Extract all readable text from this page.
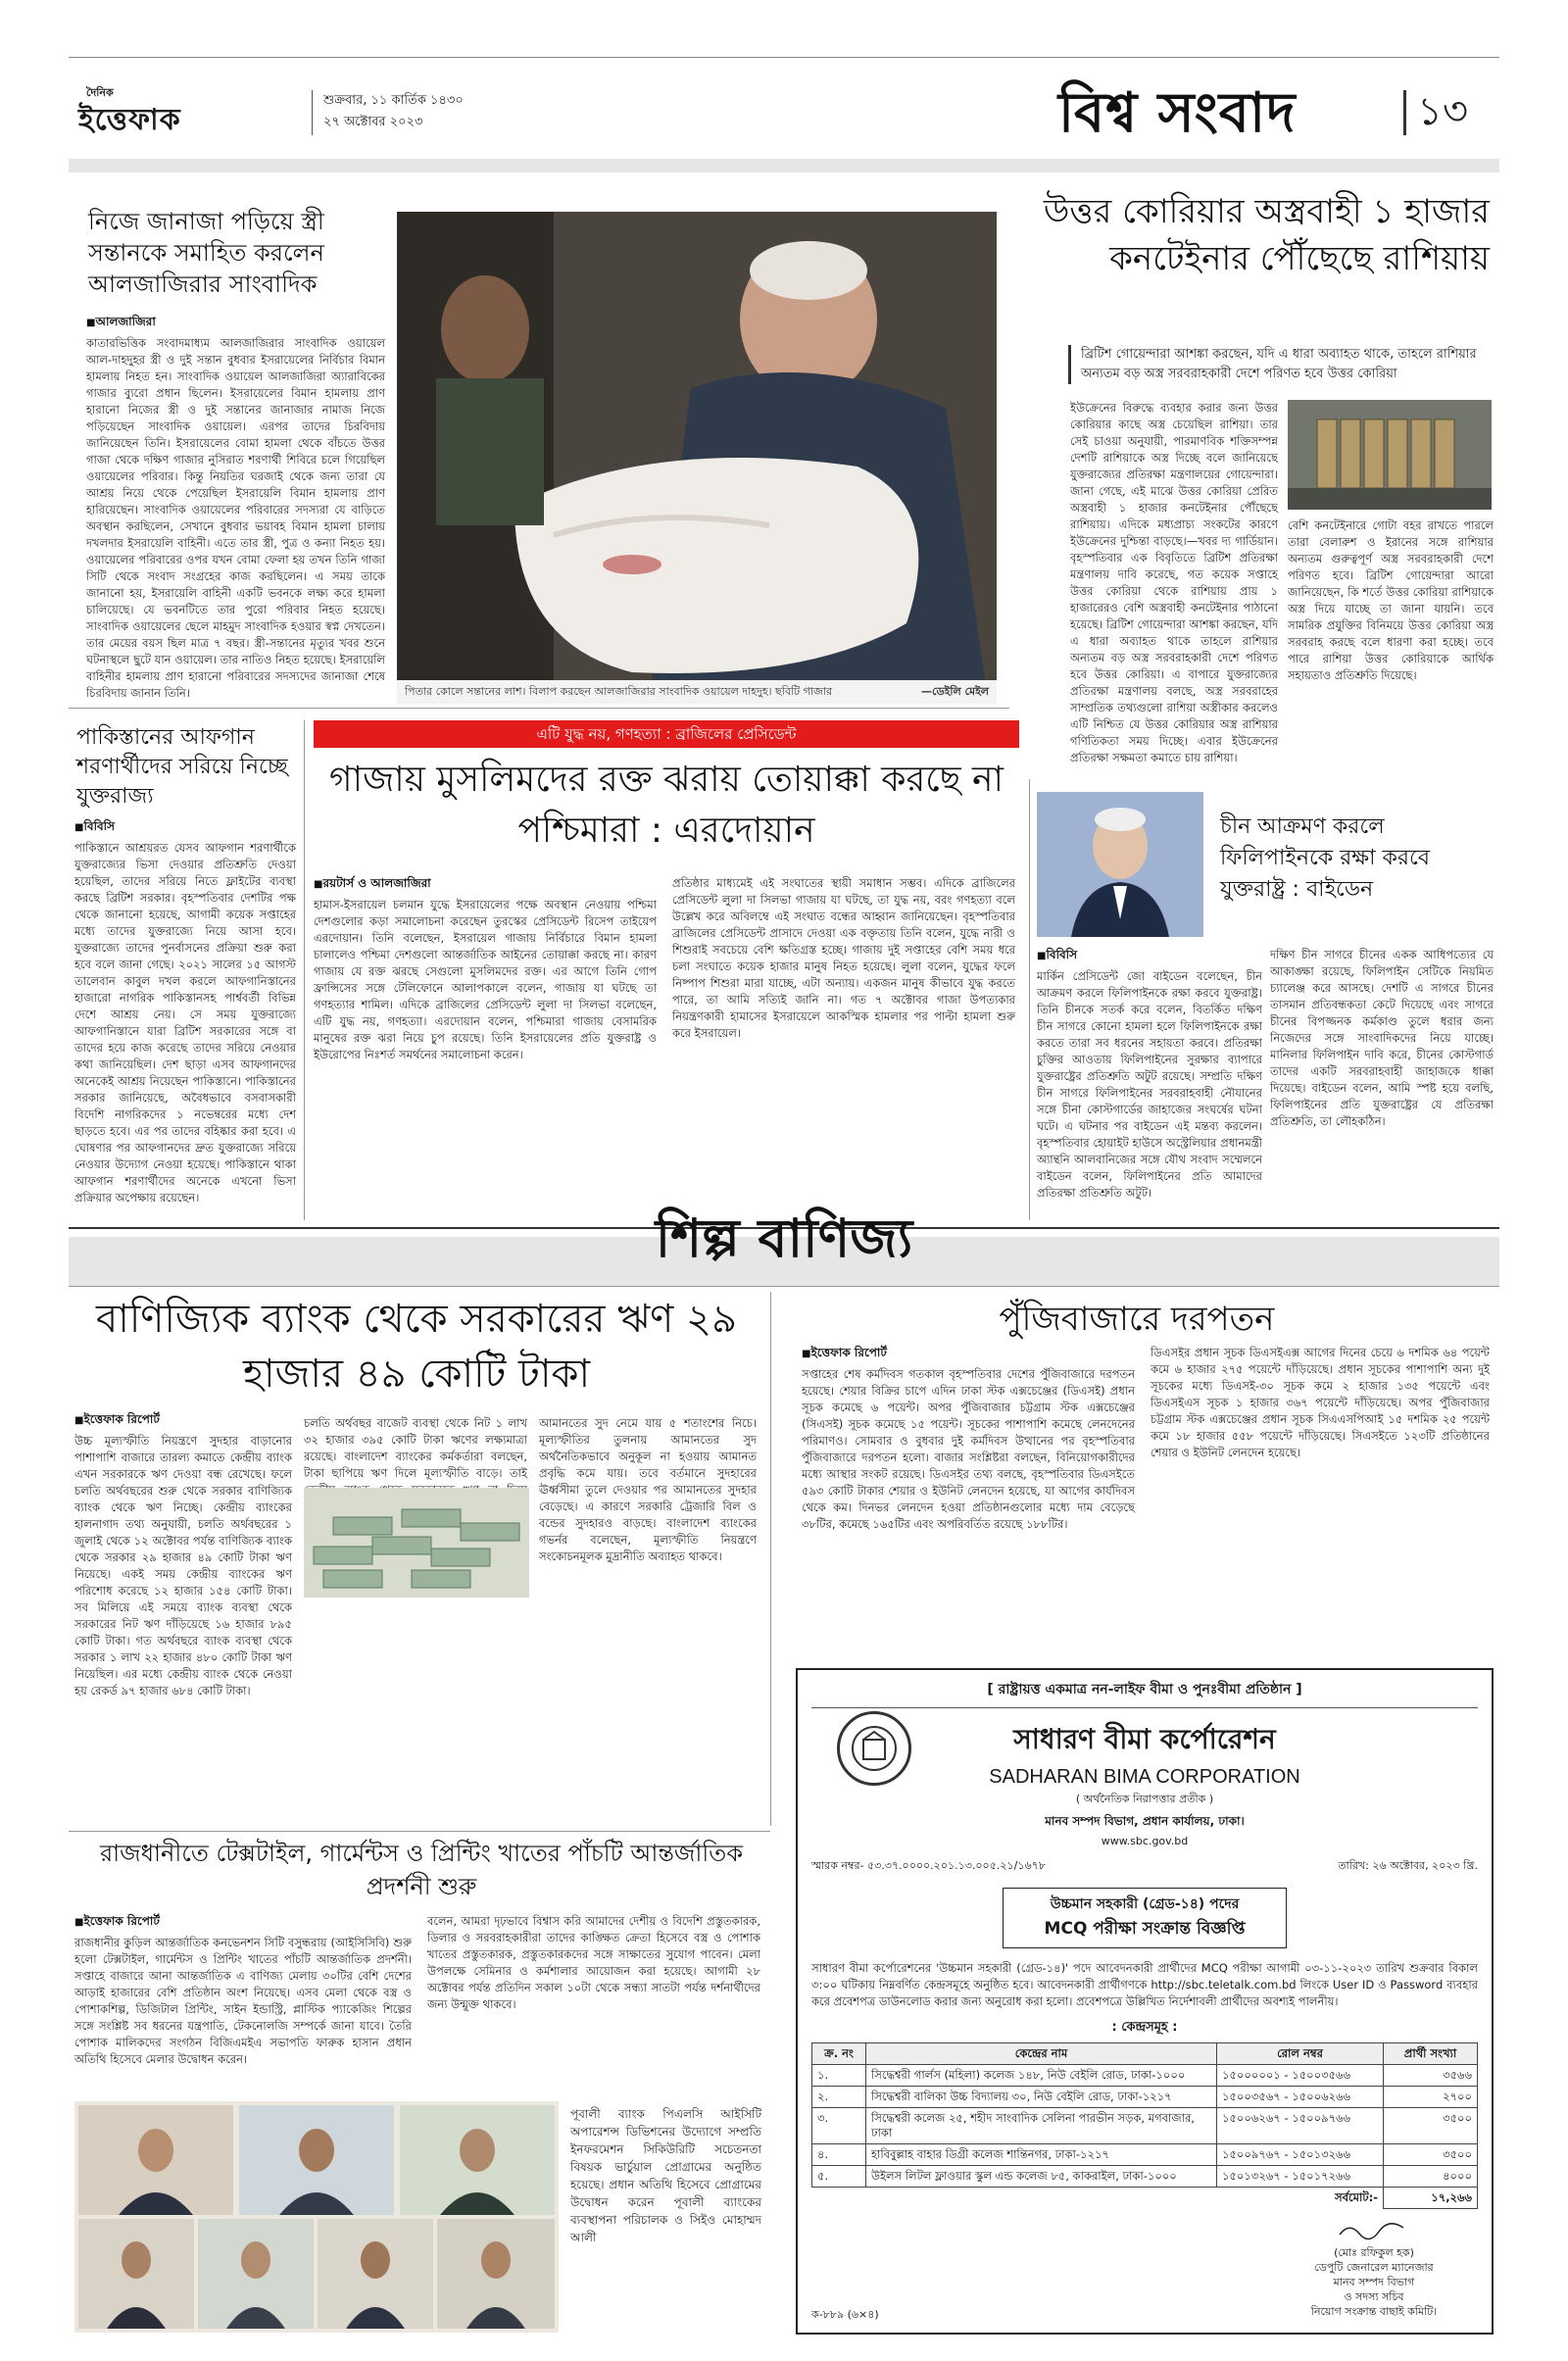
দৈনিক
ইত্তেফাক
শুক্রবার, ১১ কার্তিক ১৪৩০
২৭ অক্টোবর ২০২৩	বিশ্ব সংবাদ	১৩
নিজে জানাজা পড়িয়ে স্ত্রী সন্তানকে সমাহিত করলেন আলজাজিরার সাংবাদিক
■ আলজাজিরা

কাতারভিত্তিক সংবাদমাধ্যম আলজাজিরার সাংবাদিক ওয়ায়েল আল-দাহদুহর স্ত্রী ও দুই সন্তান বুধবার ইসরায়েলের নির্বিচার বিমান হামলায় নিহত হন। সাংবাদিক ওয়ায়েল আলজাজিরা অ্যারাবিকের গাজার ব্যুরো প্রধান ছিলেন। ইসরায়েলের বিমান হামলায় প্রাণ হারানো নিজের স্ত্রী ও দুই সন্তানের জানাজার নামাজ নিজে পড়িয়েছেন সাংবাদিক ওয়ায়েল। এরপর তাদের চিরবিদায় জানিয়েছেন তিনি। ইসরায়েলের বোমা হামলা থেকে বাঁচতে উত্তর গাজা থেকে দক্ষিণ গাজার নুসিরাত শরণার্থী শিবিরে চলে গিয়েছিল ওয়ায়েলের পরিবার। কিন্তু নিয়তির ঘরজাই থেকে জন্য তারা যে আশ্রয় নিয়ে থেকে পেয়েছিল ইসরায়েলি বিমান হামলায় প্রাণ হারিয়েছেন। সাংবাদিক ওয়ায়েলের পরিবারের সদস্যরা যে বাড়িতে অবস্থান করছিলেন, সেখানে বুধবার ভয়াবহ বিমান হামলা চালায় দখলদার ইসরায়েলি বাহিনী। এতে তার স্ত্রী, পুত্র ও কন্যা নিহত হয়। ওয়ায়েলের পরিবারের ওপর যখন বোমা ফেলা হয় তখন তিনি গাজা সিটি থেকে সংবাদ সংগ্রহের কাজ করছিলেন। এ সময় তাকে জানানো হয়, ইসরায়েলি বাহিনী একটি ভবনকে লক্ষ্য করে হামলা চালিয়েছে। যে ভবনটিতে তার পুরো পরিবার নিহত হয়েছে। সাংবাদিক ওয়ায়েলের ছেলে মাহমুদ সাংবাদিক হওয়ার স্বপ্ন দেখতেন। তার মেয়ের বয়স ছিল মাত্র ৭ বছর। স্ত্রী-সন্তানের মৃত্যুর খবর শুনে ঘটনাস্থলে ছুটে যান ওয়ায়েল। তার নাতিও নিহত হয়েছে। ইসরায়েলি বাহিনীর হামলায় প্রাণ হারানো পরিবারের সদস্যদের জানাজা শেষে চিরবিদায় জানান তিনি।	পিতার কোলে সন্তানের লাশ। বিলাপ করছেন আলজাজিরার সাংবাদিক ওয়ায়েল দাহদুহ। ছবিটি গাজার	—ডেইলি মেইল
উত্তর কোরিয়ার অস্ত্রবাহী ১ হাজার কনটেইনার পৌঁছেছে রাশিয়ায়
ব্রিটিশ গোয়েন্দারা আশঙ্কা করছেন, যদি এ ধারা অব্যাহত থাকে, তাহলে রাশিয়ার অন্যতম বড় অস্ত্র সরবরাহকারী দেশে পরিণত হবে উত্তর কোরিয়া
ইউক্রেনের বিরুদ্ধে ব্যবহার করার জন্য উত্তর কোরিয়ার কাছে অস্ত্র চেয়েছিল রাশিয়া। তার সেই চাওয়া অনুযায়ী, পারমাণবিক শক্তিসম্পন্ন দেশটি রাশিয়াকে অস্ত্র দিচ্ছে বলে জানিয়েছে যুক্তরাজ্যের প্রতিরক্ষা মন্ত্রণালয়ের গোয়েন্দারা। জানা গেছে, এই মাঝে উত্তর কোরিয়া প্রেরিত অস্ত্রবাহী ১ হাজার কনটেইনার পৌঁছেছে রাশিয়ায়। এদিকে মধ্যপ্রাচ্য সংকটের কারণে ইউক্রেনের দুশ্চিন্তা বাড়ছে।—খবর দ্য গার্ডিয়ান। বৃহস্পতিবার এক বিবৃতিতে ব্রিটিশ প্রতিরক্ষা মন্ত্রণালয় দাবি করেছে, গত কয়েক সপ্তাহে উত্তর কোরিয়া থেকে রাশিয়ায় প্রায় ১ হাজারেরও বেশি অস্ত্রবাহী কনটেইনার পাঠানো হয়েছে। ব্রিটিশ গোয়েন্দারা আশঙ্কা করছেন, যদি এ ধারা অব্যাহত থাকে তাহলে রাশিয়ার অন্যতম বড় অস্ত্র সরবরাহকারী দেশে পরিণত হবে উত্তর কোরিয়া। এ বাপারে যুক্তরাজ্যের প্রতিরক্ষা মন্ত্রণালয় বলছে, অস্ত্র সরবরাহের সাম্প্রতিক তথ্যগুলো রাশিয়া অস্ত্রীকার করলেও এটি নিশ্চিত যে উত্তর কোরিয়ার অস্ত্র রাশিয়ার গণিতিকতা সময় দিচ্ছে। এবার ইউক্রেনের প্রতিরক্ষা সক্ষমতা কমাতে চায় রাশিয়া।
বেশি কনটেইনারে গোটা বহর রাখতে পারলে তারা বেলারুশ ও ইরানের সঙ্গে রাশিয়ার অন্যতম গুরুত্বপূর্ণ অস্ত্র সরবরাহকারী দেশে পরিণত হবে। ব্রিটিশ গোয়েন্দারা আরো জানিয়েছেন, কি শর্তে উত্তর কোরিয়া রাশিয়াকে অস্ত্র দিয়ে যাচ্ছে তা জানা যায়নি। তবে সামরিক প্রযুক্তির বিনিময়ে উত্তর কোরিয়া অস্ত্র সরবরাহ করছে বলে ধারণা করা হচ্ছে। তবে পারে রাশিয়া উত্তর কোরিয়াকে আর্থিক সহায়তাও প্রতিশ্রুতি দিয়েছে।
পাকিস্তানের আফগান শরণার্থীদের সরিয়ে নিচ্ছে যুক্তরাজ্য
■ বিবিসি

পাকিস্তানে আশ্রয়রত যেসব আফগান শরণার্থীকে যুক্তরাজ্যের ভিসা দেওয়ার প্রতিশ্রুতি দেওয়া হয়েছিল, তাদের সরিয়ে নিতে ফ্লাইটের ব্যবস্থা করছে ব্রিটিশ সরকার। বৃহস্পতিবার দেশটির পক্ষ থেকে জানানো হয়েছে, আগামী কয়েক সপ্তাহের মধ্যে তাদের যুক্তরাজ্যে নিয়ে আসা হবে। যুক্তরাজ্যে তাদের পুনর্বাসনের প্রক্রিয়া শুরু করা হবে বলে জানা গেছে। ২০২১ সালের ১৫ আগস্ট তালেবান কাবুল দখল করলে আফগানিস্তানের হাজারো নাগরিক পাকিস্তানসহ পার্শ্ববর্তী বিভিন্ন দেশে আশ্রয় নেয়। সে সময় যুক্তরাজ্যে আফগানিস্তানে যারা ব্রিটিশ সরকারের সঙ্গে বা তাদের হয়ে কাজ করেছে তাদের সরিয়ে নেওয়ার কথা জানিয়েছিল। দেশ ছাড়া এসব আফগানদের অনেকেই আশ্রয় নিয়েছেন পাকিস্তানে। পাকিস্তানের সরকার জানিয়েছে, অবৈধভাবে বসবাসকারী বিদেশি নাগরিকদের ১ নভেম্বরের মধ্যে দেশ ছাড়তে হবে। এর পর তাদের বহিষ্কার করা হবে। এ ঘোষণার পর আফগানদের দ্রুত যুক্তরাজ্যে সরিয়ে নেওয়ার উদ্যোগ নেওয়া হয়েছে। পাকিস্তানে থাকা আফগান শরণার্থীদের অনেকে এখনো ভিসা প্রক্রিয়ার অপেক্ষায় রয়েছেন।

এটি যুদ্ধ নয়, গণহত্যা : ব্রাজিলের প্রেসিডেন্ট
গাজায় মুসলিমদের রক্ত ঝরায় তোয়াক্কা করছে না পশ্চিমারা : এরদোয়ান
■ রয়টার্স ও আলজাজিরা

হামাস-ইসরায়েল চলমান যুদ্ধে ইসরায়েলের পক্ষে অবস্থান নেওয়ায় পশ্চিমা দেশগুলোর কড়া সমালোচনা করেছেন তুরস্কের প্রেসিডেন্ট রিসেপ তাইয়েপ এরদোয়ান। তিনি বলেছেন, ইসরায়েল গাজায় নির্বিচারে বিমান হামলা চালালেও পশ্চিমা দেশগুলো আন্তর্জাতিক আইনের তোয়াক্কা করছে না। কারণ গাজায় যে রক্ত ঝরছে সেগুলো মুসলিমদের রক্ত। এর আগে তিনি গোপ ফ্রান্সিসের সঙ্গে টেলিফোনে আলাপকালে বলেন, গাজায় যা ঘটছে তা গণহত্যার শামিল। এদিকে ব্রাজিলের প্রেসিডেন্ট লুলা দা সিলভা বলেছেন, এটি যুদ্ধ নয়, গণহত্যা। এরদোয়ান বলেন, পশ্চিমারা গাজায় বেসামরিক মানুষের রক্ত ঝরা নিয়ে চুপ রয়েছে। তিনি ইসরায়েলের প্রতি যুক্তরাষ্ট্র ও ইউরোপের নিঃশর্ত সমর্থনের সমালোচনা করেন।

প্রতিষ্ঠার মাধ্যমেই এই সংঘাতের স্থায়ী সমাধান সম্ভব। এদিকে ব্রাজিলের প্রেসিডেন্ট লুলা দা সিলভা গাজায় যা ঘটছে, তা যুদ্ধ নয়, বরং গণহত্যা বলে উল্লেখ করে অবিলম্বে এই সংঘাত বন্ধের আহ্বান জানিয়েছেন। বৃহস্পতিবার ব্রাজিলের প্রেসিডেন্ট প্রাসাদে দেওয়া এক বক্তৃতায় তিনি বলেন, যুদ্ধে নারী ও শিশুরাই সবচেয়ে বেশি ক্ষতিগ্রস্ত হচ্ছে। গাজায় দুই সপ্তাহের বেশি সময় ধরে চলা সংঘাতে কয়েক হাজার মানুষ নিহত হয়েছে। লুলা বলেন, যুদ্ধের ফলে নিষ্পাপ শিশুরা মারা যাচ্ছে, এটা অন্যায়। একজন মানুষ কীভাবে যুদ্ধ করতে পারে, তা আমি সত্যিই জানি না। গত ৭ অক্টোবর গাজা উপত্যকার নিয়ন্ত্রণকারী হামাসের ইসরায়েলে আকস্মিক হামলার পর পাল্টা হামলা শুরু করে ইসরায়েল।
চীন আক্রমণ করলে ফিলিপাইনকে রক্ষা করবে যুক্তরাষ্ট্র : বাইডেন
■ বিবিসি

মার্কিন প্রেসিডেন্ট জো বাইডেন বলেছেন, চীন আক্রমণ করলে ফিলিপাইনকে রক্ষা করবে যুক্তরাষ্ট্র। তিনি চীনকে সতর্ক করে বলেন, বিতর্কিত দক্ষিণ চীন সাগরে কোনো হামলা হলে ফিলিপাইনকে রক্ষা করতে তারা সব ধরনের সহায়তা করবে। প্রতিরক্ষা চুক্তির আওতায় ফিলিপাইনের সুরক্ষার ব্যাপারে যুক্তরাষ্ট্রের প্রতিশ্রুতি অটুট রয়েছে। সম্প্রতি দক্ষিণ চীন সাগরে ফিলিপাইনের সরবরাহবাহী নৌযানের সঙ্গে চীনা কোস্টগার্ডের জাহাজের সংঘর্ষের ঘটনা ঘটে। এ ঘটনার পর বাইডেন এই মন্তব্য করলেন। বৃহস্পতিবার হোয়াইট হাউসে অস্ট্রেলিয়ার প্রধানমন্ত্রী অ্যান্থনি আলবানিজের সঙ্গে যৌথ সংবাদ সম্মেলনে বাইডেন বলেন, ফিলিপাইনের প্রতি আমাদের প্রতিরক্ষা প্রতিশ্রুতি অটুট।

দক্ষিণ চীন সাগরে চীনের একক আধিপত্যের যে আকাঙ্ক্ষা রয়েছে, ফিলিপাইন সেটিকে নিয়মিত চ্যালেঞ্জ করে আসছে। দেশটি এ সাগরে চীনের তাসমান প্রতিবন্ধকতা কেটে দিয়েছে এবং সাগরে চীনের বিপজ্জনক কর্মকাণ্ড তুলে ধরার জন্য নিজেদের সঙ্গে সাংবাদিকদের নিয়ে যাচ্ছে। মানিলার ফিলিপাইন দাবি করে, চীনের কোস্টগার্ড তাদের একটি সরবরাহবাহী জাহাজকে ধাক্কা দিয়েছে। বাইডেন বলেন, আমি স্পষ্ট হয়ে বলছি, ফিলিপাইনের প্রতি যুক্তরাষ্ট্রের যে প্রতিরক্ষা প্রতিশ্রুতি, তা লৌহকঠিন।
শিল্প বাণিজ্য
বাণিজ্যিক ব্যাংক থেকে সরকারের ঋণ ২৯ হাজার ৪৯ কোটি টাকা
■ ইত্তেফাক রিপোর্ট

উচ্চ মূল্যস্ফীতি নিয়ন্ত্রণে সুদহার বাড়ানোর পাশাপাশি বাজারে তারল্য কমাতে কেন্দ্রীয় ব্যাংক এখন সরকারকে ঋণ দেওয়া বন্ধ রেখেছে। ফলে চলতি অর্থবছরের শুরু থেকে সরকার বাণিজ্যিক ব্যাংক থেকে ঋণ নিচ্ছে। কেন্দ্রীয় ব্যাংকের হালনাগাদ তথ্য অনুযায়ী, চলতি অর্থবছরের ১ জুলাই থেকে ১২ অক্টোবর পর্যন্ত বাণিজ্যিক ব্যাংক থেকে সরকার ২৯ হাজার ৪৯ কোটি টাকা ঋণ নিয়েছে। একই সময় কেন্দ্রীয় ব্যাংকের ঋণ পরিশোধ করেছে ১২ হাজার ১৫৪ কোটি টাকা। সব মিলিয়ে এই সময়ে ব্যাংক ব্যবস্থা থেকে সরকারের নিট ঋণ দাঁড়িয়েছে ১৬ হাজার ৮৯৫ কোটি টাকা। গত অর্থবছরে ব্যাংক ব্যবস্থা থেকে সরকার ১ লাখ ২২ হাজার ৪৮০ কোটি টাকা ঋণ নিয়েছিল। এর মধ্যে কেন্দ্রীয় ব্যাংক থেকে নেওয়া হয় রেকর্ড ৯৭ হাজার ৬৮৪ কোটি টাকা।

চলতি অর্থবছর বাজেট ব্যবস্থা থেকে নিট ১ লাখ ৩২ হাজার ৩৯৫ কোটি টাকা ঋণের লক্ষ্যমাত্রা রয়েছে। বাংলাদেশ ব্যাংকের কর্মকর্তারা বলছেন, টাকা ছাপিয়ে ঋণ দিলে মূল্যস্ফীতি বাড়ে। তাই
আমানতের সুদ নেমে যায় ৫ শতাংশের নিচে। মূল্যস্ফীতির তুলনায় আমানতের সুদ অর্থনৈতিকভাবে অনুকূল না হওয়ায় আমানত প্রবৃদ্ধি কমে যায়। তবে বর্তমানে সুদহারের ঊর্ধ্বসীমা তুলে দেওয়ার পর আমানতের সুদহার বেড়েছে। এ কারণে সরকারি ট্রেজারি বিল ও বন্ডের সুদহারও বাড়ছে। বাংলাদেশ ব্যাংকের গভর্নর বলেছেন, মূল্যস্ফীতি নিয়ন্ত্রণে সংকোচনমূলক মুদ্রানীতি অব্যাহত থাকবে।
পুঁজিবাজারে দরপতন
■ ইত্তেফাক রিপোর্ট

সপ্তাহের শেষ কর্মদিবস গতকাল বৃহস্পতিবার দেশের পুঁজিবাজারে দরপতন হয়েছে। শেয়ার বিক্রির চাপে এদিন ঢাকা স্টক এক্সচেঞ্জের (ডিএসই) প্রধান সূচক কমেছে ৬ পয়েন্ট। অপর পুঁজিবাজার চট্টগ্রাম স্টক এক্সচেঞ্জের (সিএসই) সূচক কমেছে ১৫ পয়েন্ট। সূচকের পাশাপাশি কমেছে লেনদেনের পরিমাণও। সোমবার ও বুধবার দুই কর্মদিবস উত্থানের পর বৃহস্পতিবার পুঁজিবাজারে দরপতন হলো। বাজার সংশ্লিষ্টরা বলছেন, বিনিয়োগকারীদের মধ্যে আস্থার সংকট রয়েছে। ডিএসইর তথ্য বলছে, বৃহস্পতিবার ডিএসইতে ৫৯৩ কোটি টাকার শেয়ার ও ইউনিট লেনদেন হয়েছে, যা আগের কার্যদিবস থেকে কম। দিনভর লেনদেন হওয়া প্রতিষ্ঠানগুলোর মধ্যে দাম বেড়েছে ৩৮টির, কমেছে ১৬৫টির এবং অপরিবর্তিত রয়েছে ১৮৮টির।

ডিএসইর প্রধান সূচক ডিএসইএক্স আগের দিনের চেয়ে ৬ দশমিক ৬৪ পয়েন্ট কমে ৬ হাজার ২৭৫ পয়েন্টে দাঁড়িয়েছে। প্রধান সূচকের পাশাপাশি অন্য দুই সূচকের মধ্যে ডিএসই-৩০ সূচক কমে ২ হাজার ১৩৫ পয়েন্টে এবং ডিএসইএস সূচক ১ হাজার ৩৬৭ পয়েন্টে দাঁড়িয়েছে। অপর পুঁজিবাজার চট্টগ্রাম স্টক এক্সচেঞ্জের প্রধান সূচক সিএএসপিআই ১৫ দশমিক ২৫ পয়েন্ট কমে ১৮ হাজার ৫৫৮ পয়েন্টে দাঁড়িয়েছে। সিএসইতে ১২৩টি প্রতিষ্ঠানের শেয়ার ও ইউনিট লেনদেন হয়েছে।
রাজধানীতে টেক্সটাইল, গার্মেন্টস ও প্রিন্টিং খাতের পাঁচটি আন্তর্জাতিক প্রদর্শনী শুরু
■ ইত্তেফাক রিপোর্ট

রাজধানীর কুড়িল আন্তর্জাতিক কনভেনশন সিটি বসুন্ধরায় (আইসিসিবি) শুরু হলো টেক্সটাইল, গার্মেন্টস ও প্রিন্টিং খাতের পাঁচটি আন্তর্জাতিক প্রদর্শনী। সপ্তাহে বাজারে আনা আন্তর্জাতিক এ বাণিজ্য মেলায় ৩০টির বেশি দেশের আড়াই হাজারের বেশি প্রতিষ্ঠান অংশ নিয়েছে। এসব মেলা থেকে বস্ত্র ও পোশাকশিল্প, ডিজিটাল প্রিন্টিং, সাইন ইন্ডাস্ট্রি, প্লাস্টিক প্যাকেজিং শিল্পের সঙ্গে সংশ্লিষ্ট সব ধরনের যন্ত্রপাতি, টেকনোলজি সম্পর্কে জানা যাবে। তৈরি পোশাক মালিকদের সংগঠন বিজিএমইএ সভাপতি ফারুক হাসান প্রধান অতিথি হিসেবে মেলার উদ্বোধন করেন।

বলেন, আমরা দৃঢ়ভাবে বিশ্বাস করি আমাদের দেশীয় ও বিদেশি প্রস্তুতকারক, ডিলার ও সরবরাহকারীরা তাদের কাঙ্ক্ষিত ক্রেতা হিসেবে বস্ত্র ও পোশাক খাতের প্রস্তুতকারক, প্রস্তুতকারকদের সঙ্গে সাক্ষাতের সুযোগ পাবেন। মেলা উপলক্ষে সেমিনার ও কর্মশালার আয়োজন করা হয়েছে। আগামী ২৮ অক্টোবর পর্যন্ত প্রতিদিন সকাল ১০টা থেকে সন্ধ্যা সাতটা পর্যন্ত দর্শনার্থীদের জন্য উন্মুক্ত থাকবে।
পূবালী ব্যাংক পিএলসি আইসিটি অপারেশন্স ডিভিশনের উদ্যোগে সম্প্রতি ইনফরমেশন সিকিউরিটি সচেতনতা বিষয়ক ভার্চুয়াল প্রোগ্রামের অনুষ্ঠিত হয়েছে। প্রধান অতিথি হিসেবে প্রোগ্রামের উদ্বোধন করেন পূবালী ব্যাংকের ব্যবস্থাপনা পরিচালক ও সিইও মোহাম্মদ আলী
[ রাষ্ট্রায়ত্ত একমাত্র নন-লাইফ বীমা ও পুনঃবীমা প্রতিষ্ঠান ]
সাধারণ বীমা কর্পোরেশন
SADHARAN BIMA CORPORATION
( অর্থনৈতিক নিরাপত্তার প্রতীক )
মানব সম্পদ বিভাগ, প্রধান কার্যালয়, ঢাকা।
www.sbc.gov.bd
স্মারক নম্বর- ৫৩.৩৭.০০০০.২০১.১৩.০০৫.২১/১৬৭৮	তারিখ: ২৬ অক্টোবর, ২০২৩ খ্রি.
উচ্চমান সহকারী (গ্রেড-১৪) পদের
MCQ পরীক্ষা সংক্রান্ত বিজ্ঞপ্তি
সাধারণ বীমা কর্পোরেশনের 'উচ্চমান সহকারী (গ্রেড-১৪)' পদে আবেদনকারী প্রার্থীদের MCQ পরীক্ষা আগামী ০৩-১১-২০২৩ তারিখ শুক্রবার বিকাল ৩:০০ ঘটিকায় নিম্নবর্ণিত কেন্দ্রসমূহে অনুষ্ঠিত হবে। আবেদনকারী প্রার্থীগণকে http://sbc.teletalk.com.bd লিংকে User ID ও Password ব্যবহার করে প্রবেশপত্র ডাউনলোড করার জন্য অনুরোধ করা হলো। প্রবেশপত্রে উল্লিখিত নির্দেশাবলী প্রার্থীদের অবশ্যই পালনীয়।
: কেন্দ্রসমূহ :
ক্র. নং	কেন্দ্রের নাম	রোল নম্বর	প্রার্থী সংখ্যা
১.	সিদ্ধেশ্বরী গার্লস (মহিলা) কলেজ ১৪৮, নিউ বেইলি রোড, ঢাকা-১০০০	১৫০০০০০১ - ১৫০০৩৫৬৬	৩৫৬৬
২.	সিদ্ধেশ্বরী বালিকা উচ্চ বিদ্যালয় ৩০, নিউ বেইলি রোড, ঢাকা-১২১৭	১৫০০৩৫৬৭ - ১৫০০৬২৬৬	২৭০০
৩.	সিদ্ধেশ্বরী কলেজ ২৫, শহীদ সাংবাদিক সেলিনা পারভীন সড়ক, মগবাজার, ঢাকা	১৫০০৬২৬৭ - ১৫০০৯৭৬৬	৩৫০০
৪.	হাবিবুল্লাহ বাহার ডিগ্রী কলেজ শান্তিনগর, ঢাকা-১২১৭	১৫০০৯৭৬৭ - ১৫০১৩২৬৬	৩৫০০
৫.	উইলস লিটল ফ্লাওয়ার স্কুল এন্ড কলেজ ৮৫, কাকরাইল, ঢাকা-১০০০	১৫০১৩২৬৭ - ১৫০১৭২৬৬	৪০০০
সর্বমোট:-			১৭,২৬৬
(মোঃ রফিকুল হক)
ডেপুটি জেনারেল ম্যানেজার
মানব সম্পদ বিভাগ
ও সদস্য সচিব
নিয়োগ সংক্রান্ত বাছাই কমিটি।
ক-৮৮৯ (৬×৪)
